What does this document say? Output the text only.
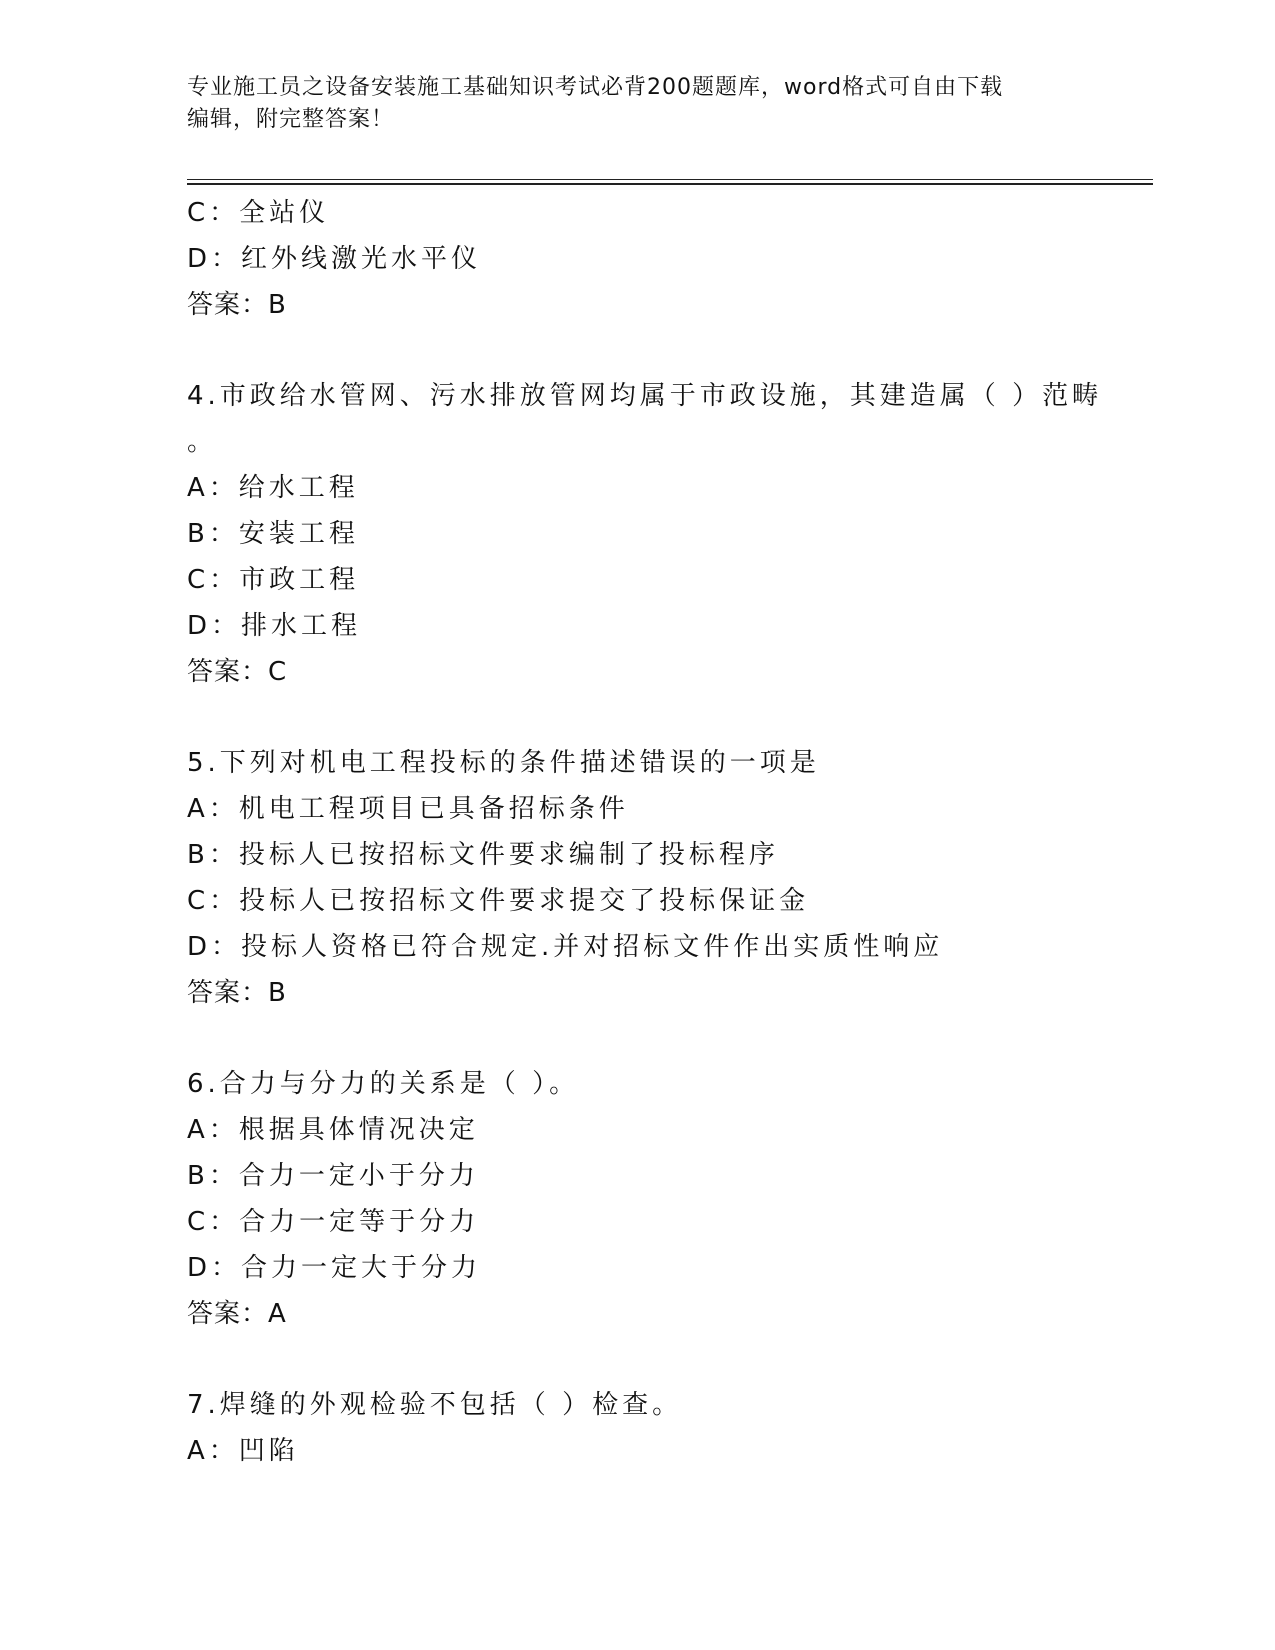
专业施工员之设备安装施工基础知识考试必背200题题库，word格式可自由下载
编辑，附完整答案！
C：全站仪
D：红外线激光水平仪
答案：B
4.市政给水管网、污水排放管网均属于市政设施，其建造属（ ）范畴
。
A：给水工程
B：安装工程
C：市政工程
D：排水工程
答案：C
5.下列对机电工程投标的条件描述错误的一项是
A：机电工程项目已具备招标条件
B：投标人已按招标文件要求编制了投标程序
C：投标人已按招标文件要求提交了投标保证金
D：投标人资格已符合规定.并对招标文件作出实质性响应
答案：B
6.合力与分力的关系是（ ）。
A：根据具体情况决定
B：合力一定小于分力
C：合力一定等于分力
D：合力一定大于分力
答案：A
7.焊缝的外观检验不包括（ ）检查。
A：凹陷
